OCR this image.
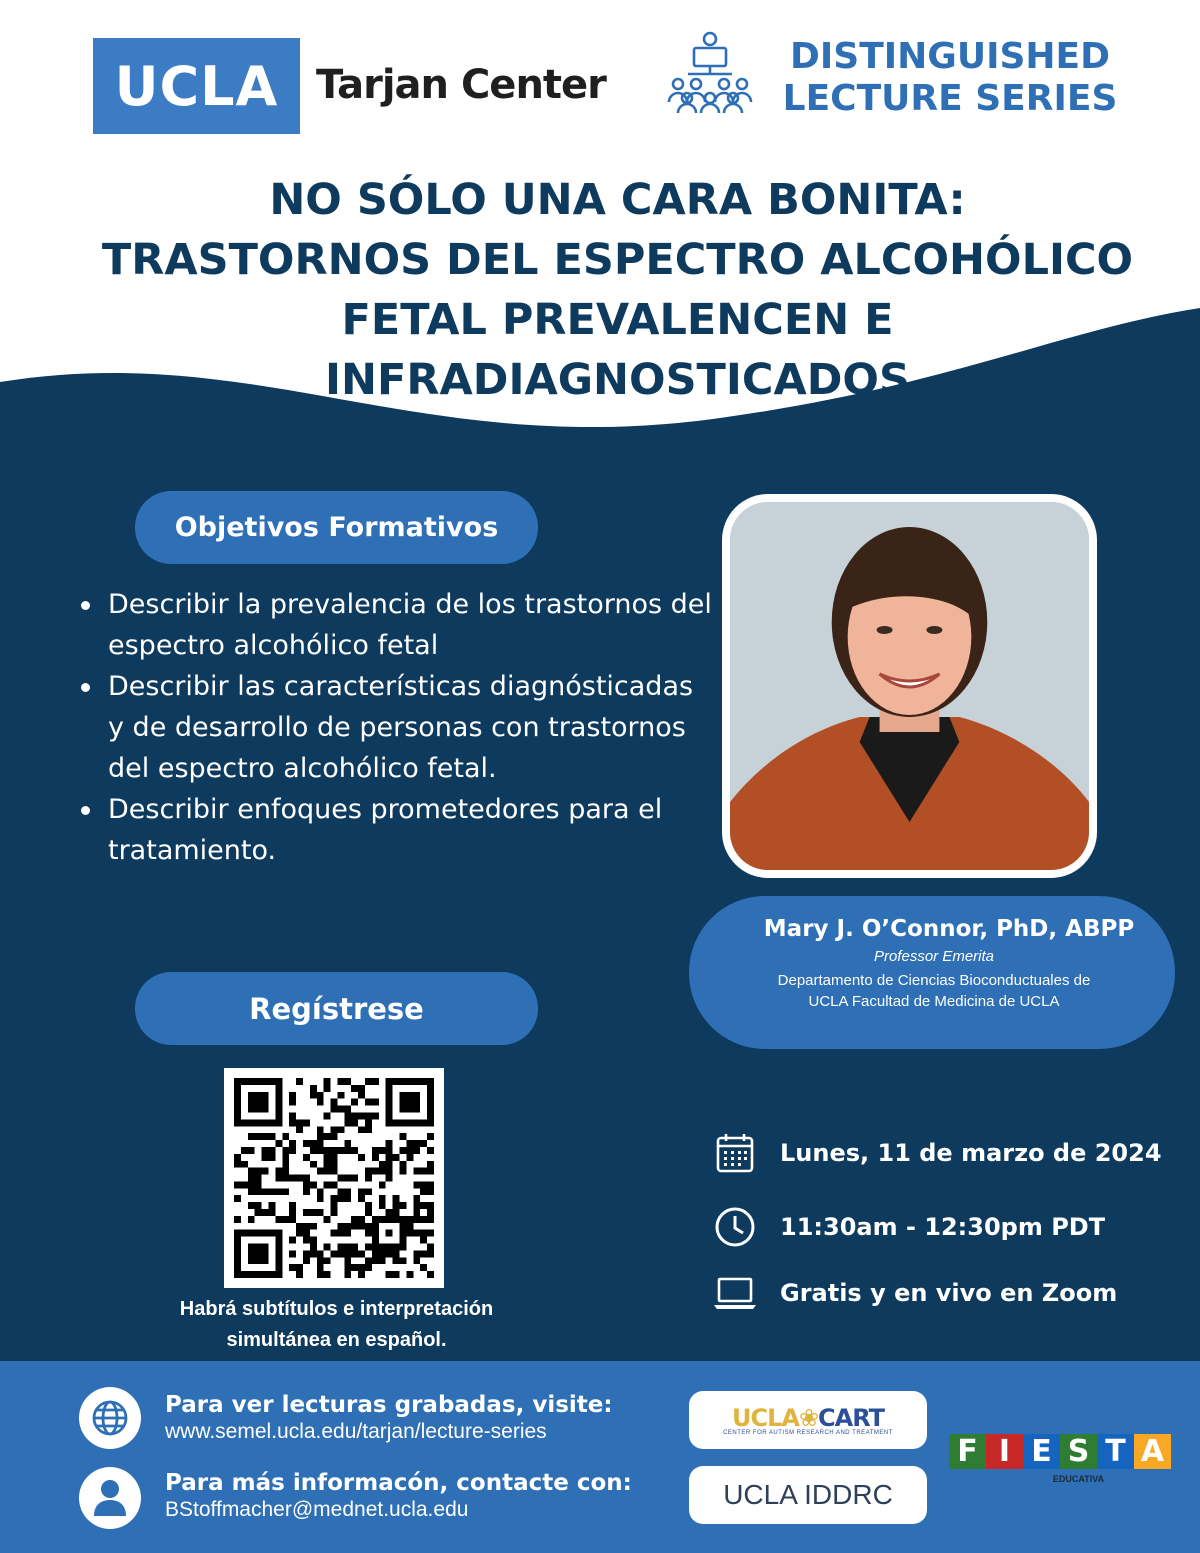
UCLA Tarjan Center
DISTINGUISHED
LECTURE SERIES
NO SÓLO UNA CARA BONITA:
TRASTORNOS DEL ESPECTRO ALCOHÓLICO
FETAL PREVALENCEN E
INFRADIAGNOSTICADOS
Objetivos Formativos
Describir la prevalencia de los trastornos del espectro alcohólico fetal
Describir las características diagnósticadas y de desarrollo de personas con trastornos del espectro alcohólico fetal.
Describir enfoques prometedores para el tratamiento.
Mary J. O’Connor, PhD, ABPP
Professor Emerita
Departamento de Ciencias Bioconductuales de
UCLA Facultad de Medicina de UCLA
Regístrese
Habrá subtítulos e interpretación
simultánea en español.
Lunes, 11 de marzo de 2024
11:30am - 12:30pm PDT
Gratis y en vivo en Zoom
Para ver lecturas grabadas, visite:
www.semel.ucla.edu/tarjan/lecture-series
Para más informacón, contacte con:
BStoffmacher@mednet.ucla.edu
UCLA❀CART
CENTER FOR AUTISM RESEARCH AND TREATMENT
UCLA IDDRC
F I E S T A
EDUCATIVA
